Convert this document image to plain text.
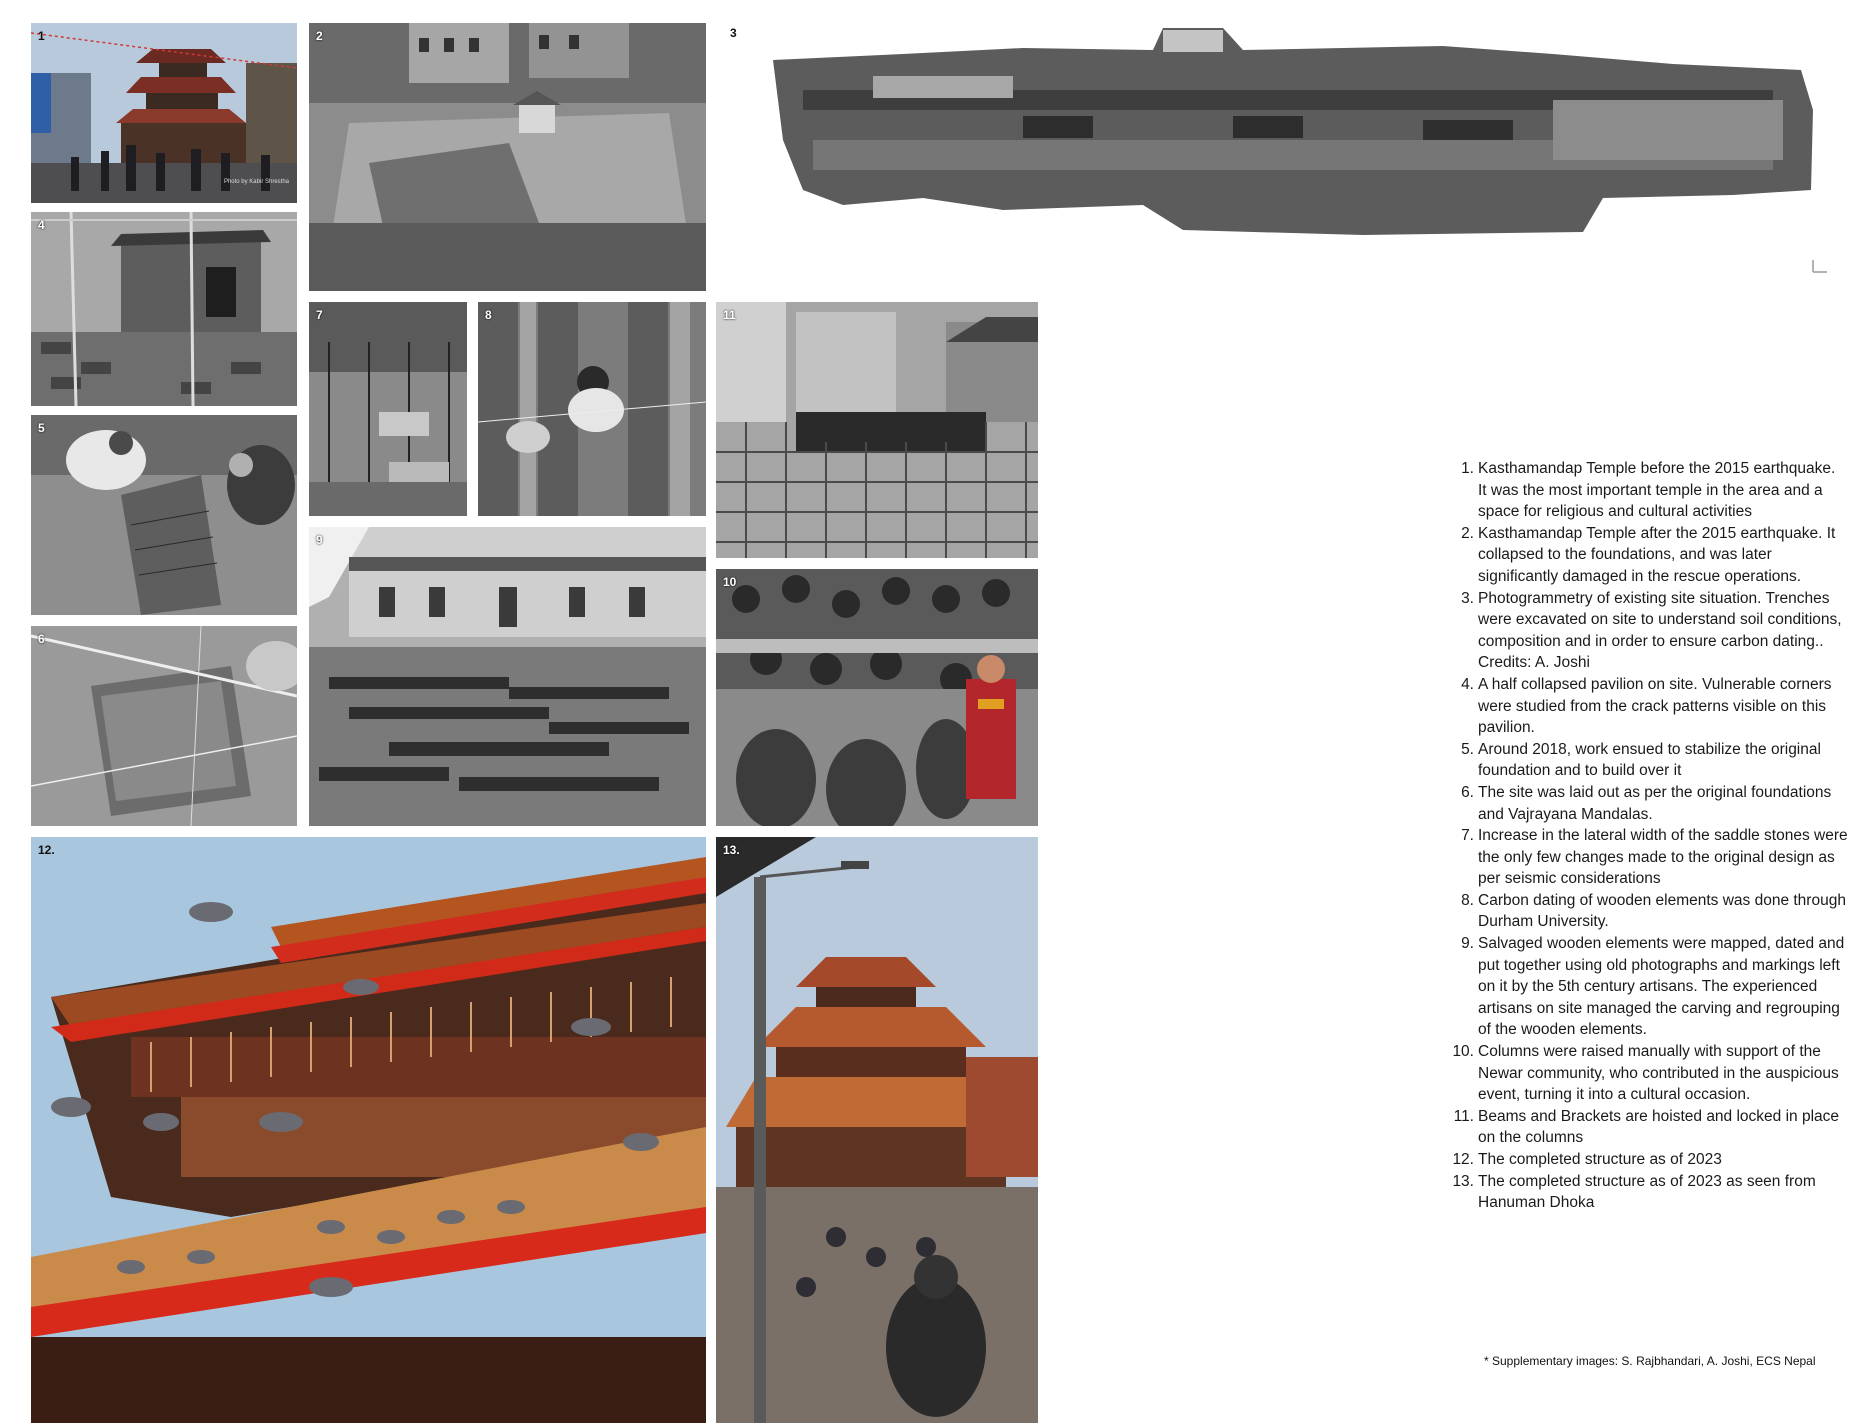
1
Photo by Kabir Shrestha
2	3
4
5
6
7	8
9
11
10
12.	13.
1. Kasthamandap Temple before the 2015 earthquake. It was the most important temple in the area and a space for religious and cultural activities
2. Kasthamandap Temple after the 2015 earthquake. It collapsed to the foundations, and was later significantly damaged in the rescue operations.
3. Photogrammetry of existing site situation. Trenches were excavated on site to understand soil conditions, composition and in order to ensure carbon dating.. Credits: A. Joshi
4. A half collapsed pavilion on site. Vulnerable corners were studied from the crack patterns visible on this pavilion.
5. Around 2018, work ensued to stabilize the original foundation and to build over it
6. The site was laid out as per the original foundations and Vajrayana Mandalas.
7. Increase in the lateral width of the saddle stones were the only few changes made to the original design as per seismic considerations
8. Carbon dating of wooden elements was done through Durham University.
9. Salvaged wooden elements were mapped, dated and put together using old photographs and markings left on it by the 5th century artisans. The experienced artisans on site managed the carving and regrouping of the wooden elements.
10. Columns were raised manually with support of the Newar community, who contributed in the auspicious event, turning it into a cultural occasion.
11. Beams and Brackets are hoisted and locked in place on the columns
12. The completed structure as of 2023
13. The completed structure as of 2023 as seen from Hanuman Dhoka
* Supplementary images: S. Rajbhandari, A. Joshi, ECS Nepal
